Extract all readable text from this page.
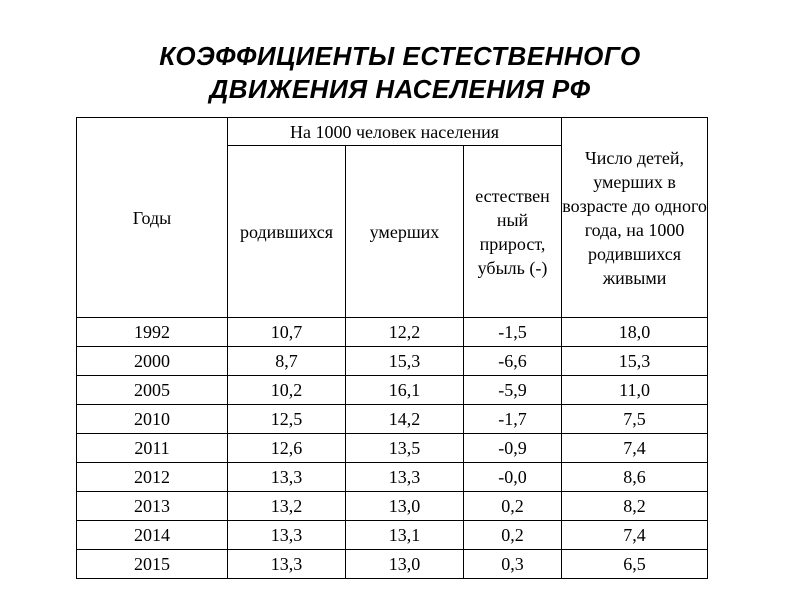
КОЭФФИЦИЕНТЫ ЕСТЕСТВЕННОГО
ДВИЖЕНИЯ НАСЕЛЕНИЯ РФ
Годы	На 1000 человек населения			Число детей, умерших в возрасте до одного года, на 1000 родившихся живыми
	родившихся	умерших	естествен ный прирост, убыль (-)	
1992	10,7	12,2	-1,5	18,0
2000	8,7	15,3	-6,6	15,3
2005	10,2	16,1	-5,9	11,0
2010	12,5	14,2	-1,7	7,5
2011	12,6	13,5	-0,9	7,4
2012	13,3	13,3	-0,0	8,6
2013	13,2	13,0	0,2	8,2
2014	13,3	13,1	0,2	7,4
2015	13,3	13,0	0,3	6,5
